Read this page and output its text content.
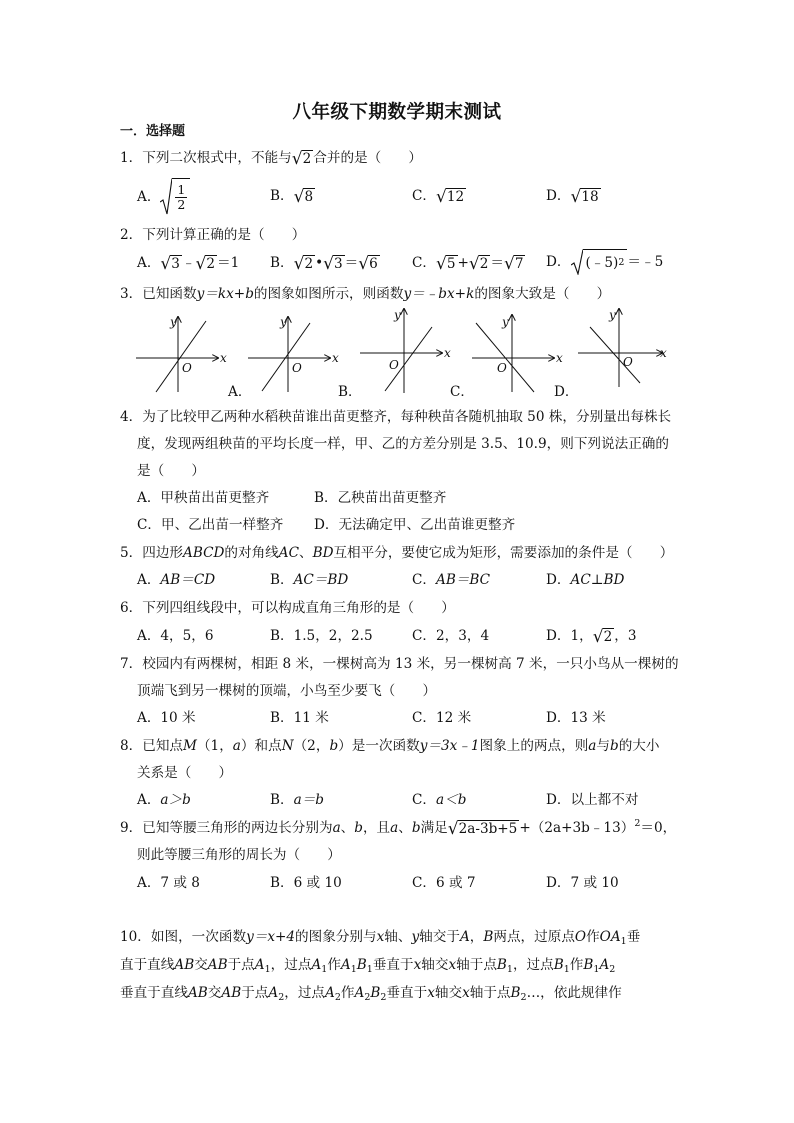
八年级下期数学期末测试
一．选择题
1．下列二次根式中，不能与 √ 2 合并的是（　　）
A． $\frac{1}{2}$	B． √ 8	C． √ 12	D． √ 18
2．下列计算正确的是（　　）
A． √ 3 ﹣ √ 2 ＝1 B． √ 2 • √ 3 ＝ √ 6	C． √ 5 + √ 2 ＝ √ 7 D． (﹣5) 2 ＝﹣5
3．已知函数y＝kx+b的图象如图所示，则函数y＝﹣bx+k的图象大致是（　　）
x
y
O
x
y
O
x
y
O	x
y
O
x
y
O
A．	B．	C．	D．
4．为了比较甲乙两种水稻秧苗谁出苗更整齐，每种秧苗各随机抽取 50 株，分别量出每株长
度，发现两组秧苗的平均长度一样，甲、乙的方差分别是 3.5、10.9，则下列说法正确的
是（　　）
A．甲秧苗出苗更整齐	B．乙秧苗出苗更整齐
C．甲、乙出苗一样整齐 D．无法确定甲、乙出苗谁更整齐
5．四边形ABCD的对角线AC、BD互相平分，要使它成为矩形，需要添加的条件是（　　）
A．AB＝CD	B．AC＝BD	C．AB＝BC	D．AC⊥BD
6．下列四组线段中，可以构成直角三角形的是（　　）
A．4，5，6	B．1.5，2，2.5	C．2，3，4	D．1， √ 2 ，3
7．校园内有两棵树，相距 8 米，一棵树高为 13 米，另一棵树高 7 米，一只小鸟从一棵树的
顶端飞到另一棵树的顶端，小鸟至少要飞（　　）
A．10 米	B．11 米	C．12 米	D．13 米
8．已知点M（1，a）和点N（2，b）是一次函数y＝3x﹣1图象上的两点，则a与b的大小
关系是（　　）
A．a＞b	B．a＝b	C．a＜b	D．以上都不对
9．已知等腰三角形的两边长分别为a、b，且a、b满足 √ 2a-3b+5 +（2a+3b﹣13）$^2$＝0，
则此等腰三角形的周长为（　　）
A．7 或 8	B．6 或 10	C．6 或 7	D．7 或 10
10．如图，一次函数y＝x+4的图象分别与x轴、y轴交于A，B两点，过原点O作$OA_1$垂
直于直线AB交AB于点$A_1$，过点$A_1$作$A_1B_1$垂直于x轴交x轴于点$B_1$，过点$B_1$作$B_1A_2$
垂直于直线AB交AB于点$A_2$，过点$A_2$作$A_2B_2$垂直于x轴交x轴于点$B_2\dots$，依此规律作
